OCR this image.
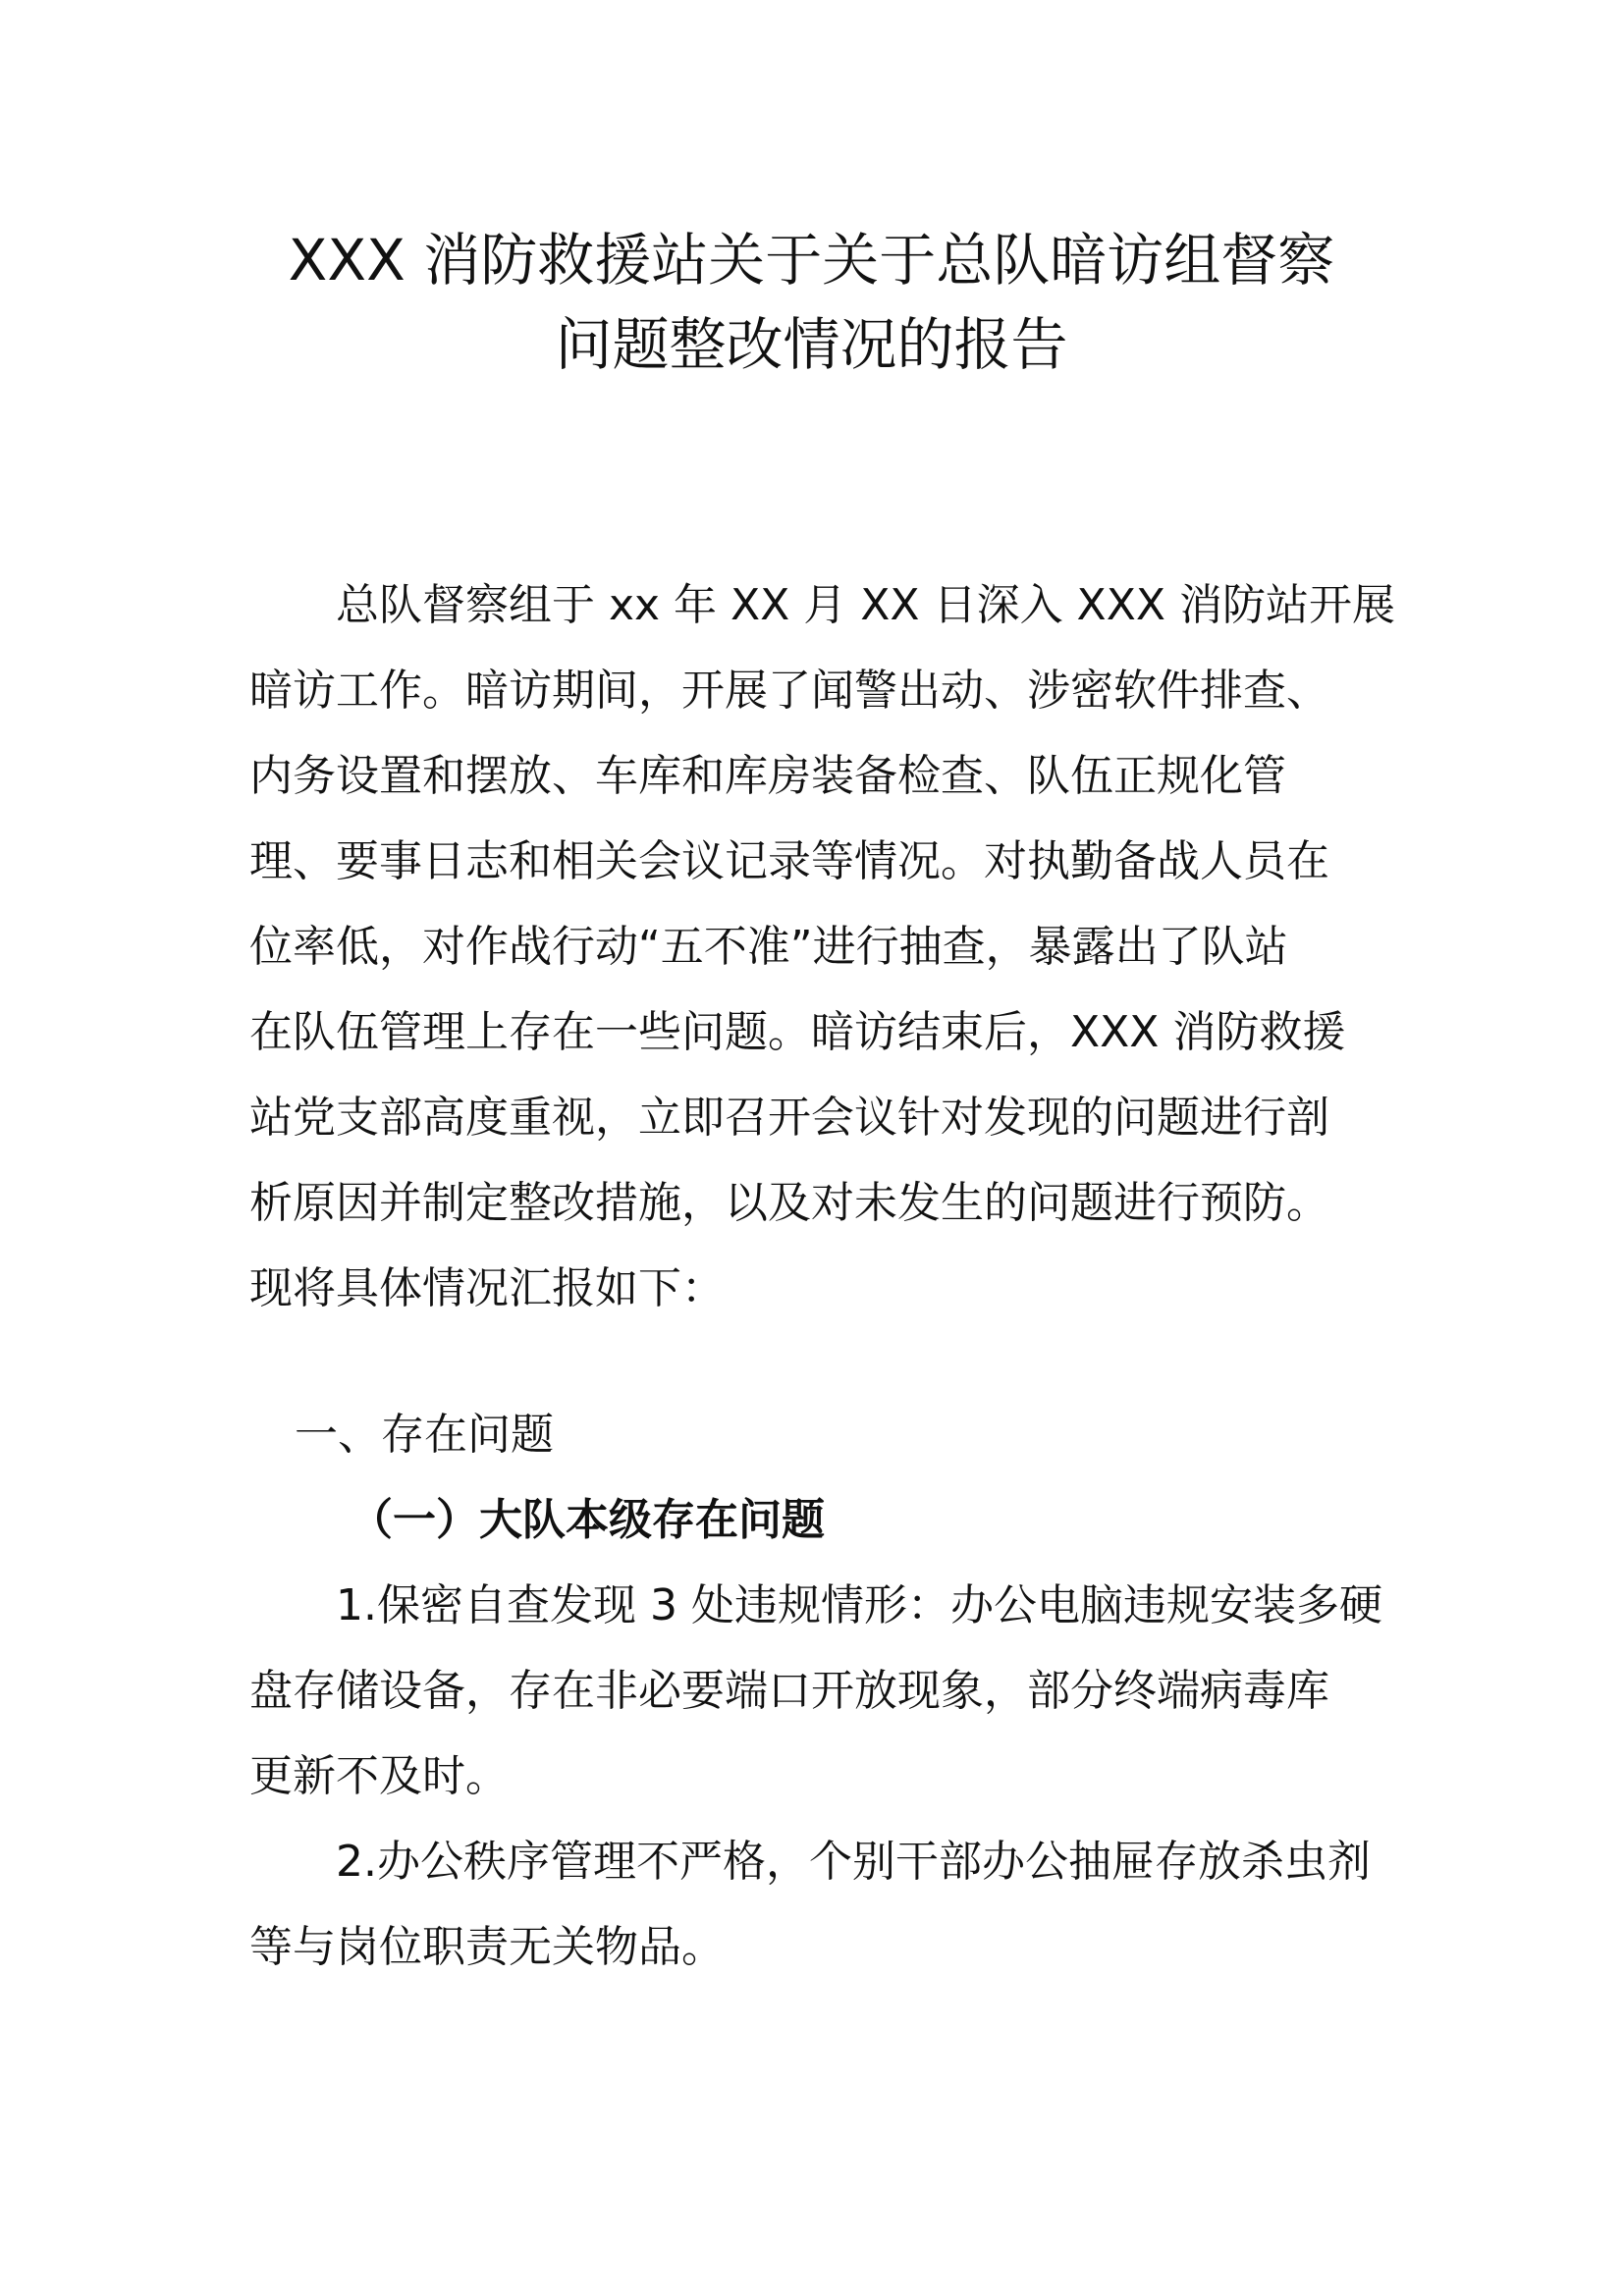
XXX 消防救援站关于关于总队暗访组督察
问题整改情况的报告
总队督察组于 xx 年 XX 月 XX 日深入 XXX 消防站开展
暗访工作。暗访期间，开展了闻警出动、涉密软件排查、
内务设置和摆放、车库和库房装备检查、队伍正规化管
理、要事日志和相关会议记录等情况。对执勤备战人员在
位率低，对作战行动“五不准”进行抽查，暴露出了队站
在队伍管理上存在一些问题。暗访结束后，XXX 消防救援
站党支部高度重视，立即召开会议针对发现的问题进行剖
析原因并制定整改措施，以及对未发生的问题进行预防。
现将具体情况汇报如下：
一、存在问题
（一）大队本级存在问题
1.保密自查发现 3 处违规情形：办公电脑违规安装多硬
盘存储设备，存在非必要端口开放现象，部分终端病毒库
更新不及时。
2.办公秩序管理不严格，个别干部办公抽屉存放杀虫剂
等与岗位职责无关物品。
